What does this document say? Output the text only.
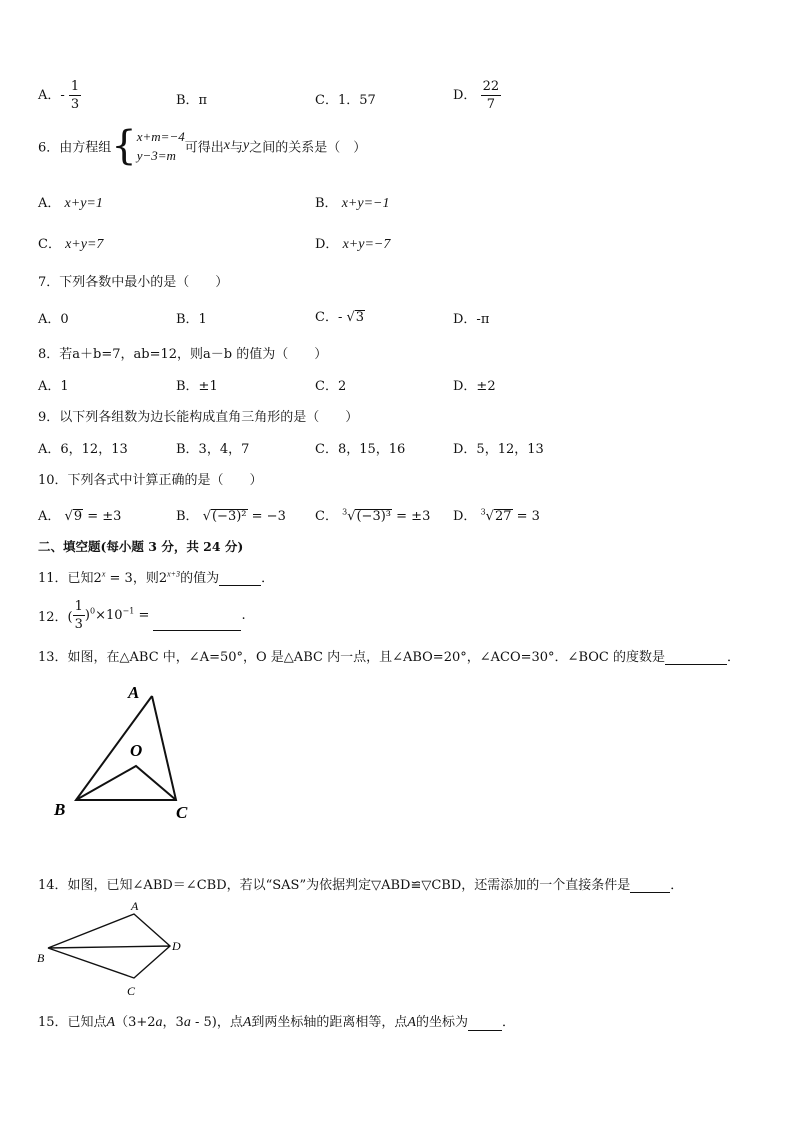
A．- $\frac{1}{3}$	B．π	C．1．57	D． $\frac{22}{7}$
6．由方程组{ x+m=−4
y−3=m 可得出x与y之间的关系是（　）
A． x+y=1	B． x+y=−1
C． x+y=7	D． x+y=−7
7．下列各数中最小的是（　　）
A．0	B．1	C．- √3	D．-π
8．若a＋b=7，ab=12，则a－b 的值为（　　）
A．1	B．±1	C．2	D．±2
9．以下列各组数为边长能构成直角三角形的是（　　）
A．6，12，13	B．3，4，7	C．8，15，16	D．5，12，13
10．下列各式中计算正确的是（　　）
A． √9 = ±3	B． √(−3)² = −3 C． $^3$√(−3)³ = ±3 D． $^3$√27 = 3
二、填空题(每小题 3 分，共 24 分)
11．已知$2^x = 3$，则$2^{x+3}$的值为	．
12．( $\frac{1}{3} )^0\times 10^{-1}$ =	.
13．如图，在△ABC 中，∠A=50°，O 是△ABC 内一点，且∠ABO=20°，∠ACO=30°．∠BOC 的度数是	．
A
O
B	C
14．如图，已知∠ABD＝∠CBD，若以“SAS”为依据判定▽ABD≌▽CBD，还需添加的一个直接条件是	．
A
B
C
D
15．已知点A（3+2a，3a - 5)，点A到两坐标轴的距离相等，点A的坐标为	．
